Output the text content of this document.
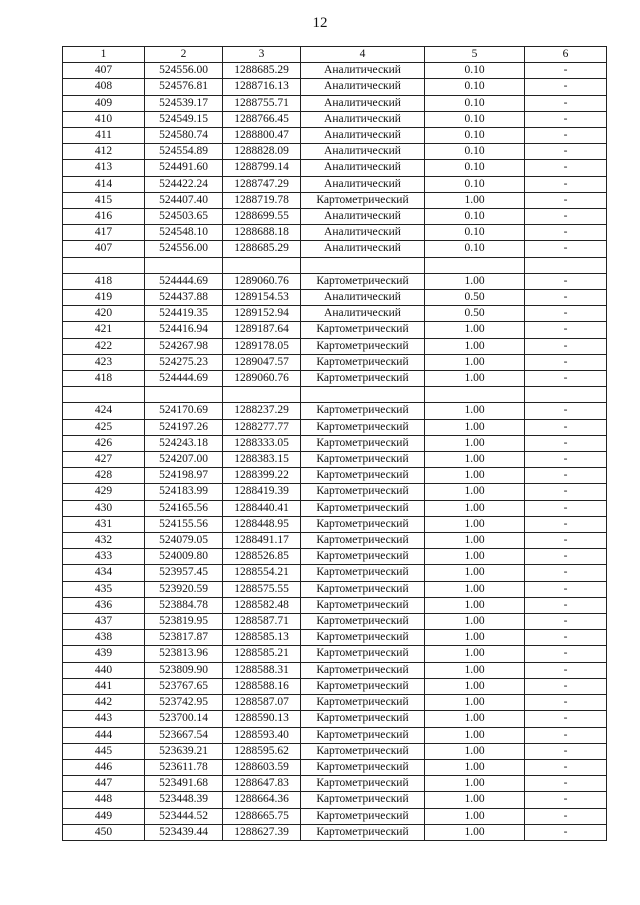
12
1	2	3	4	5	6
407	524556.00	1288685.29	Аналитический	0.10	-
408	524576.81	1288716.13	Аналитический	0.10	-
409	524539.17	1288755.71	Аналитический	0.10	-
410	524549.15	1288766.45	Аналитический	0.10	-
411	524580.74	1288800.47	Аналитический	0.10	-
412	524554.89	1288828.09	Аналитический	0.10	-
413	524491.60	1288799.14	Аналитический	0.10	-
414	524422.24	1288747.29	Аналитический	0.10	-
415	524407.40	1288719.78	Картометрический	1.00	-
416	524503.65	1288699.55	Аналитический	0.10	-
417	524548.10	1288688.18	Аналитический	0.10	-
407	524556.00	1288685.29	Аналитический	0.10	-

418	524444.69	1289060.76	Картометрический	1.00	-
419	524437.88	1289154.53	Аналитический	0.50	-
420	524419.35	1289152.94	Аналитический	0.50	-
421	524416.94	1289187.64	Картометрический	1.00	-
422	524267.98	1289178.05	Картометрический	1.00	-
423	524275.23	1289047.57	Картометрический	1.00	-
418	524444.69	1289060.76	Картометрический	1.00	-

424	524170.69	1288237.29	Картометрический	1.00	-
425	524197.26	1288277.77	Картометрический	1.00	-
426	524243.18	1288333.05	Картометрический	1.00	-
427	524207.00	1288383.15	Картометрический	1.00	-
428	524198.97	1288399.22	Картометрический	1.00	-
429	524183.99	1288419.39	Картометрический	1.00	-
430	524165.56	1288440.41	Картометрический	1.00	-
431	524155.56	1288448.95	Картометрический	1.00	-
432	524079.05	1288491.17	Картометрический	1.00	-
433	524009.80	1288526.85	Картометрический	1.00	-
434	523957.45	1288554.21	Картометрический	1.00	-
435	523920.59	1288575.55	Картометрический	1.00	-
436	523884.78	1288582.48	Картометрический	1.00	-
437	523819.95	1288587.71	Картометрический	1.00	-
438	523817.87	1288585.13	Картометрический	1.00	-
439	523813.96	1288585.21	Картометрический	1.00	-
440	523809.90	1288588.31	Картометрический	1.00	-
441	523767.65	1288588.16	Картометрический	1.00	-
442	523742.95	1288587.07	Картометрический	1.00	-
443	523700.14	1288590.13	Картометрический	1.00	-
444	523667.54	1288593.40	Картометрический	1.00	-
445	523639.21	1288595.62	Картометрический	1.00	-
446	523611.78	1288603.59	Картометрический	1.00	-
447	523491.68	1288647.83	Картометрический	1.00	-
448	523448.39	1288664.36	Картометрический	1.00	-
449	523444.52	1288665.75	Картометрический	1.00	-
450	523439.44	1288627.39	Картометрический	1.00	-
